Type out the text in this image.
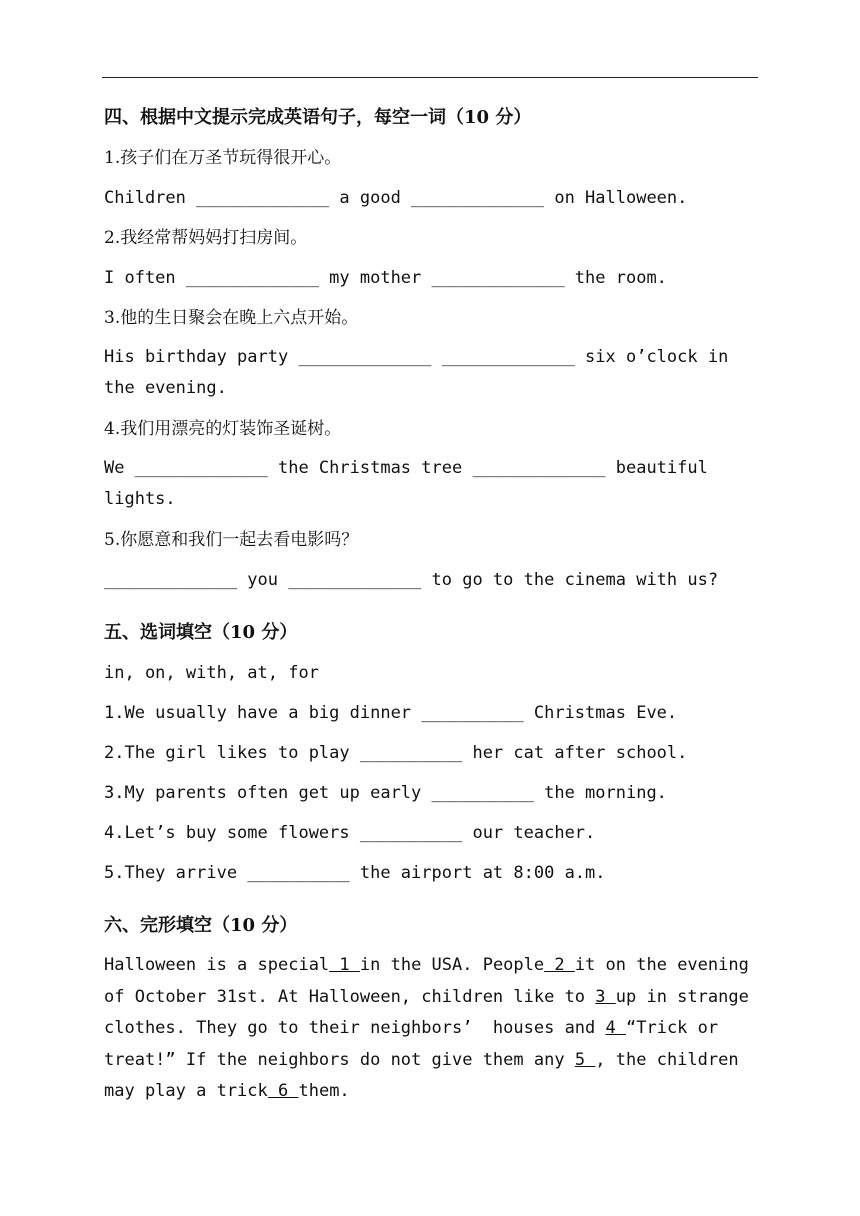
四、根据中文提示完成英语句子，每空一词（10 分）
1.孩子们在万圣节玩得很开心。
Children _____________ a good _____________ on Halloween.
2.我经常帮妈妈打扫房间。
I often _____________ my mother _____________ the room.
3.他的生日聚会在晚上六点开始。
His birthday party _____________ _____________ six o’clock in
the evening.
4.我们用漂亮的灯装饰圣诞树。
We _____________ the Christmas tree _____________ beautiful
lights.
5.你愿意和我们一起去看电影吗？
_____________ you _____________ to go to the cinema with us?
五、选词填空（10 分）
in, on, with, at, for
1.We usually have a big dinner __________ Christmas Eve.
2.The girl likes to play __________ her cat after school.
3.My parents often get up early __________ the morning.
4.Let’s buy some flowers __________ our teacher.
5.They arrive __________ the airport at 8:00 a.m.
六、完形填空（10 分）
Halloween is a special 1 in the USA. People 2 it on the evening of October 31st. At Halloween, children like to 3 up in strange clothes. They go to their neighbors’  houses and 4 “Trick or treat!” If the neighbors do not give them any 5 , the children may play a trick 6 them.
